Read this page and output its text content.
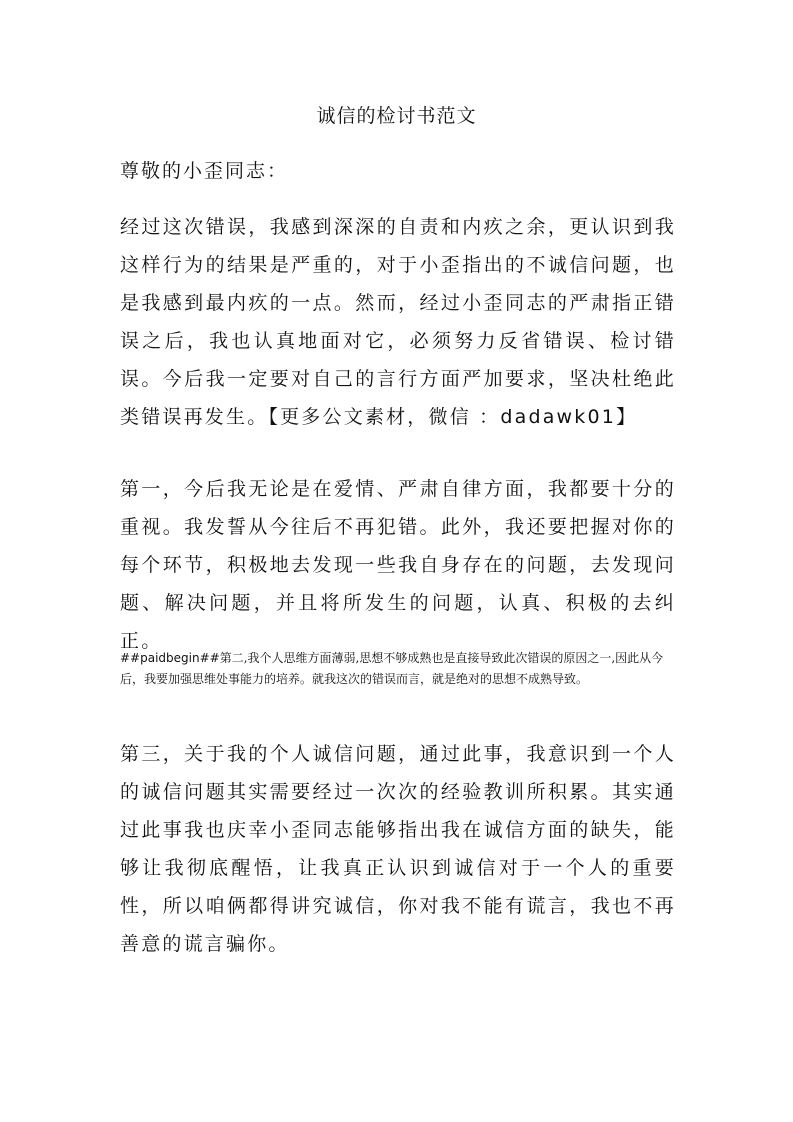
诚信的检讨书范文
尊敬的小歪同志：

经过这次错误，我感到深深的自责和内疚之余，更认识到我这样行为的结果是严重的，对于小歪指出的不诚信问题，也是我感到最内疚的一点。然而，经过小歪同志的严肃指正错误之后，我也认真地面对它，必须努力反省错误、检讨错误。今后我一定要对自己的言行方面严加要求，坚决杜绝此类错误再发生。【更多公文素材，微信 ：dadawk01】

第一，今后我无论是在爱情、严肃自律方面，我都要十分的重视。我发誓从今往后不再犯错。此外，我还要把握对你的每个环节，积极地去发现一些我自身存在的问题，去发现问题、解决问题，并且将所发生的问题，认真、积极的去纠正。

##paidbegin##第二,我个人思维方面薄弱,思想不够成熟也是直接导致此次错误的原因之一,因此从今后，我要加强思维处事能力的培养。就我这次的错误而言，就是绝对的思想不成熟导致。

第三，关于我的个人诚信问题，通过此事，我意识到一个人的诚信问题其实需要经过一次次的经验教训所积累。其实通过此事我也庆幸小歪同志能够指出我在诚信方面的缺失，能够让我彻底醒悟，让我真正认识到诚信对于一个人的重要性，所以咱俩都得讲究诚信，你对我不能有谎言，我也不再善意的谎言骗你。
